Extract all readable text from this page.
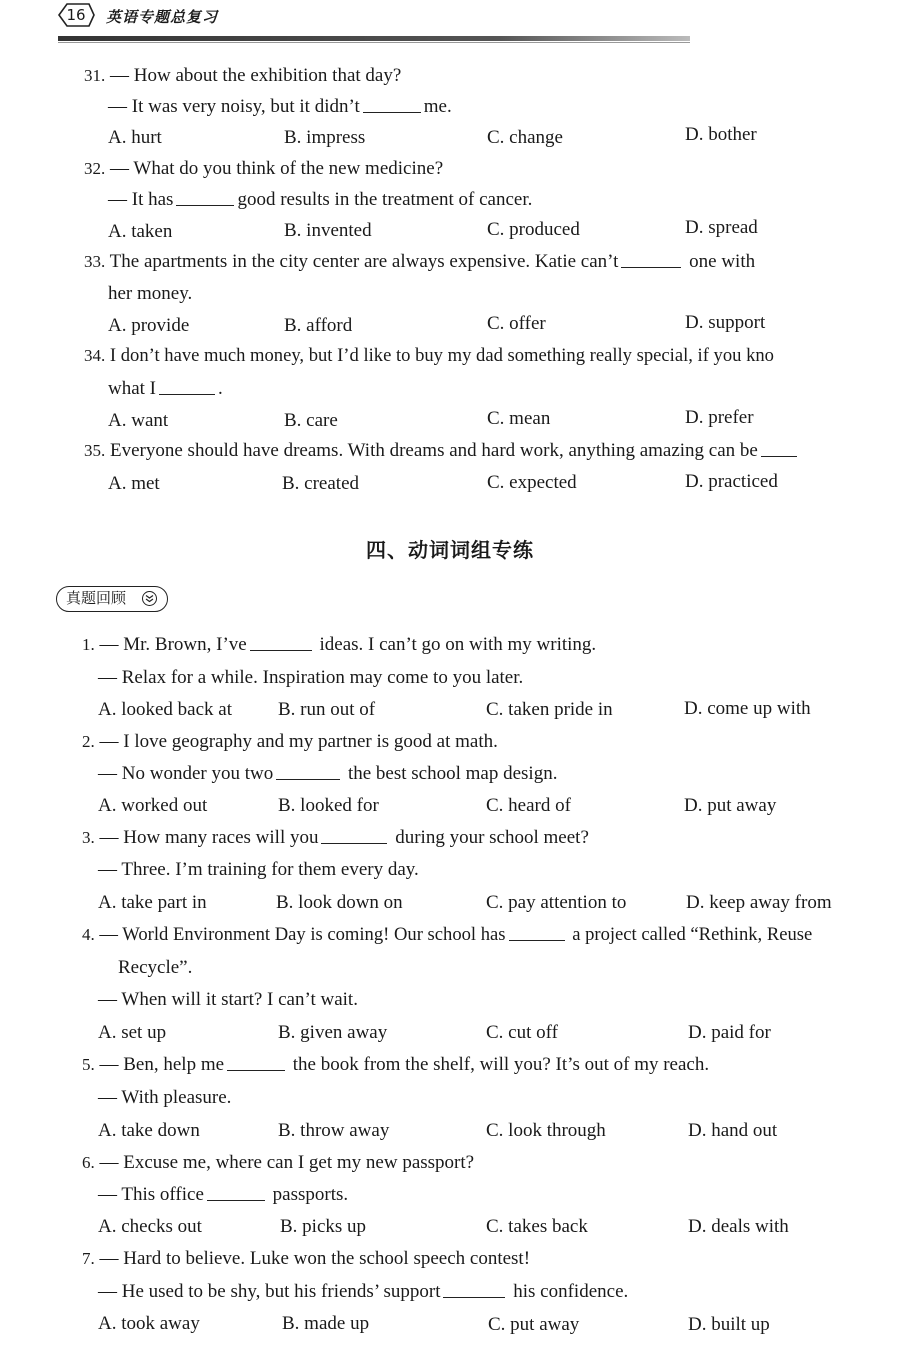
16	英语专题总复习
31. — How about the exhibition that day?
— It was very noisy, but it didn’t	me.
A. hurt	B. impress	C. change	D. bother
32. — What do you think of the new medicine?
— It has	good results in the treatment of cancer.
A. taken	B. invented	C. produced	D. spread
33. The apartments in the city center are always expensive. Katie can’t	one with
her money.
A. provide	B. afford	C. offer	D. support
34. I don’t have much money, but I’d like to buy my dad something really special, if you kno
what I	.
A. want	B. care	C. mean	D. prefer
35. Everyone should have dreams. With dreams and hard work, anything amazing can be
A. met	B. created	C. expected	D. practiced
四、动词词组专练
真题回顾
1. — Mr. Brown, I’ve	ideas. I can’t go on with my writing.
— Relax for a while. Inspiration may come to you later.
A. looked back at B. run out of	C. taken pride in	D. come up with
2. — I love geography and my partner is good at math.
— No wonder you two	the best school map design.
A. worked out	B. looked for	C. heard of	D. put away
3. — How many races will you	during your school meet?
— Three. I’m training for them every day.
A. take part in	B. look down on	C. pay attention to	D. keep away from
4. — World Environment Day is coming! Our school has	a project called “Rethink, Reuse
Recycle”.
— When will it start? I can’t wait.
A. set up	B. given away	C. cut off	D. paid for
5. — Ben, help me	the book from the shelf, will you? It’s out of my reach.
— With pleasure.
A. take down	B. throw away	C. look through	D. hand out
6. — Excuse me, where can I get my new passport?
— This office	passports.
A. checks out	B. picks up	C. takes back	D. deals with
7. — Hard to believe. Luke won the school speech contest!
— He used to be shy, but his friends’ support	his confidence.
A. took away	B. made up	C. put away	D. built up
